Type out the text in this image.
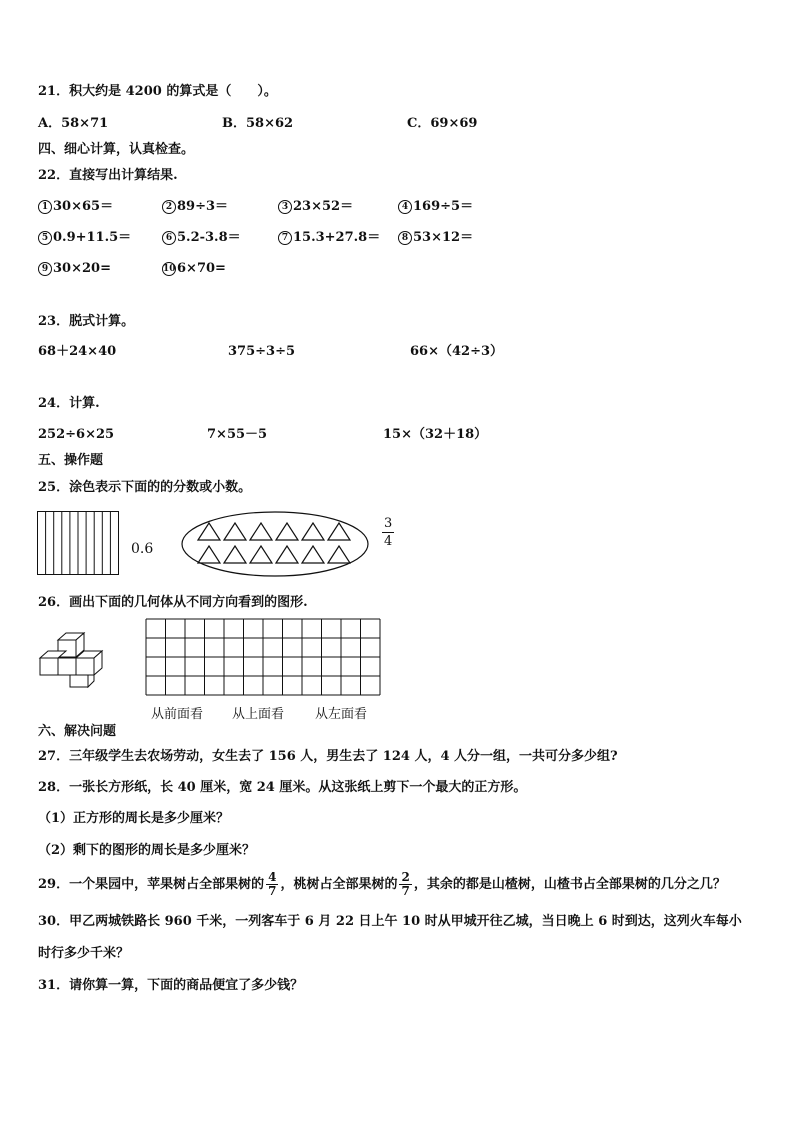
21．积大约是 4200 的算式是（　　）。
A．58×71	B．58×62	C．69×69
四、细心计算，认真检查。
22．直接写出计算结果.
1 30×65＝	2 89÷3＝	3 23×52＝	4 169÷5＝
5 0.9+11.5＝	6 5.2-3.8＝	7 15.3+27.8＝	8 53×12＝
9 30×20=	106×70=
23．脱式计算。
68＋24×40	375÷3÷5	66×（42÷3）
24．计算.
252÷6×25	7×55－5	15×（32＋18）
五、操作题
25．涂色表示下面的的分数或小数。
0.6	$\frac{3}{4}$
26．画出下面的几何体从不同方向看到的图形.
从前面看 从上面看 从左面看
六、解决问题
27．三年级学生去农场劳动，女生去了 156 人，男生去了 124 人，4 人分一组，一共可分多少组?
28．一张长方形纸，长 40 厘米，宽 24 厘米。从这张纸上剪下一个最大的正方形。
（1）正方形的周长是多少厘米？
（2）剩下的图形的周长是多少厘米？
29．一个果园中，苹果树占全部果树的 $\frac{4}{7}$ ，桃树占全部果树的 $\frac{2}{7}$ ，其余的都是山楂树，山楂书占全部果树的几分之几？
30．甲乙两城铁路长 960 千米，一列客车于 6 月 22 日上午 10 时从甲城开往乙城，当日晚上 6 时到达，这列火车每小
时行多少千米？
31．请你算一算，下面的商品便宜了多少钱？
